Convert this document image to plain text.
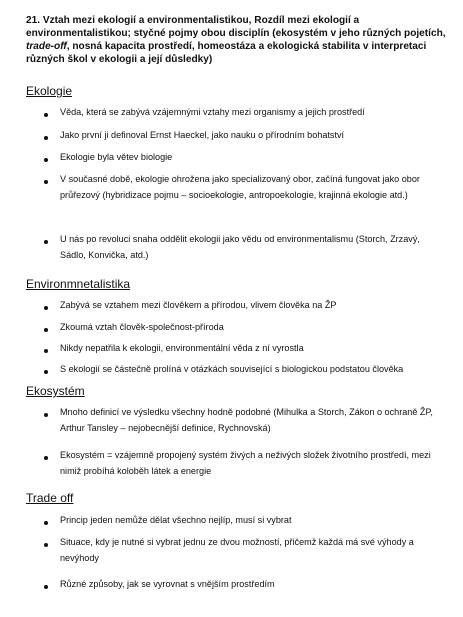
21. Vztah mezi ekologií a environmentalistikou, Rozdíl mezi ekologií a environmentalistikou; styčné pojmy obou disciplín (ekosystém v jeho různých pojetích, trade-off, nosná kapacita prostředí, homeostáza a ekologická stabilita v interpretaci různých škol v ekologii a její důsledky)
Ekologie
Věda, která se zabývá vzájemnými vztahy mezi organismy a jejich prostředí
Jako první ji definoval Ernst Haeckel, jako nauku o přírodním bohatství
Ekologie byla větev biologie
V současné době, ekologie ohrožena jako specializovaný obor, začíná fungovat jako obor průřezový (hybridizace pojmu – socioekologie, antropoekologie, krajinná ekologie atd.)
U nás po revoluci snaha oddělit ekologii jako vědu od environmentalismu (Storch, Zrzavý, Sádlo, Konvička, atd.)
Environmnetalistika
Zabývá se vztahem mezi člověkem a přírodou, vlivem člověka na ŽP
Zkoumá vztah člověk-společnost-příroda
Nikdy nepatřila k ekologii, environmentální věda z ní vyrostla
S ekologií se částečně prolíná v otázkách související s biologickou podstatou člověka
Ekosystém
Mnoho definicí ve výsledku všechny hodně podobné (Mihulka a Storch, Zákon o ochraně ŽP, Arthur Tansley – nejobecnější definice, Rychnovská)
Ekosystém = vzájemně propojený systém živých a neživých složek životního prostředí, mezi nimiž probíhá koloběh látek a energie
Trade off
Princip jeden nemůže dělat všechno nejlíp, musí si vybrat
Situace, kdy je nutné si vybrat jednu ze dvou možností, přičemž každá má své výhody a nevýhody
Různé způsoby, jak se vyrovnat s vnějším prostředím
